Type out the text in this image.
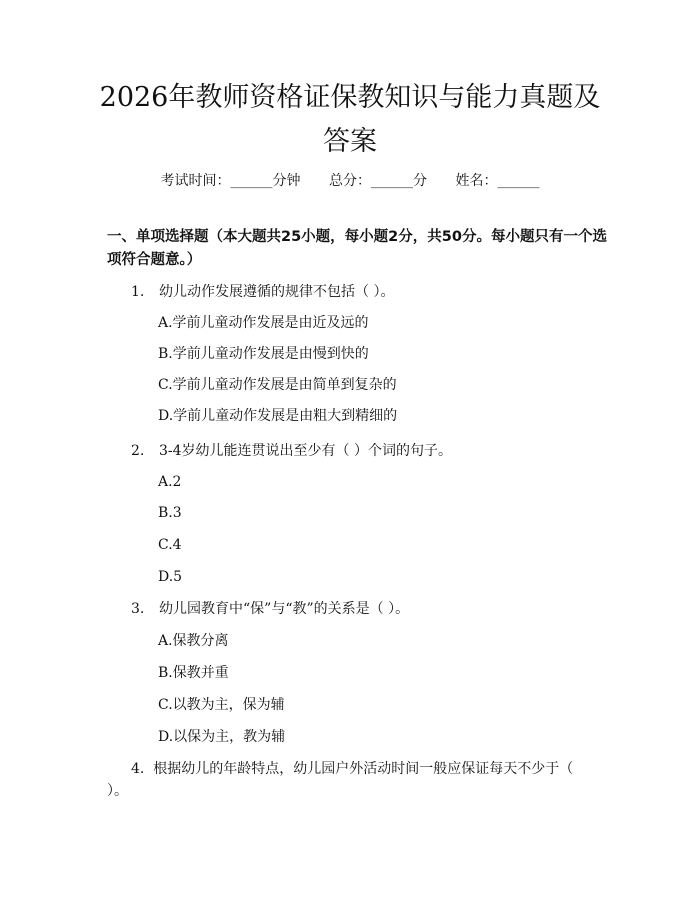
2026年教师资格证保教知识与能力真题及答案
考试时间：______分钟 总分：______分 姓名：______
一、单项选择题（本大题共25小题，每小题2分，共50分。每小题只有一个选项符合题意。）
1. 幼儿动作发展遵循的规律不包括（ ）。
A.学前儿童动作发展是由近及远的
B.学前儿童动作发展是由慢到快的
C.学前儿童动作发展是由简单到复杂的
D.学前儿童动作发展是由粗大到精细的
2. 3-4岁幼儿能连贯说出至少有（ ）个词的句子。
A.2
B.3
C.4
D.5
3. 幼儿园教育中“保”与“教”的关系是（ ）。
A.保教分离
B.保教并重
C.以教为主，保为辅
D.以保为主，教为辅
4. 根据幼儿的年龄特点，幼儿园户外活动时间一般应保证每天不少于（ ）。
